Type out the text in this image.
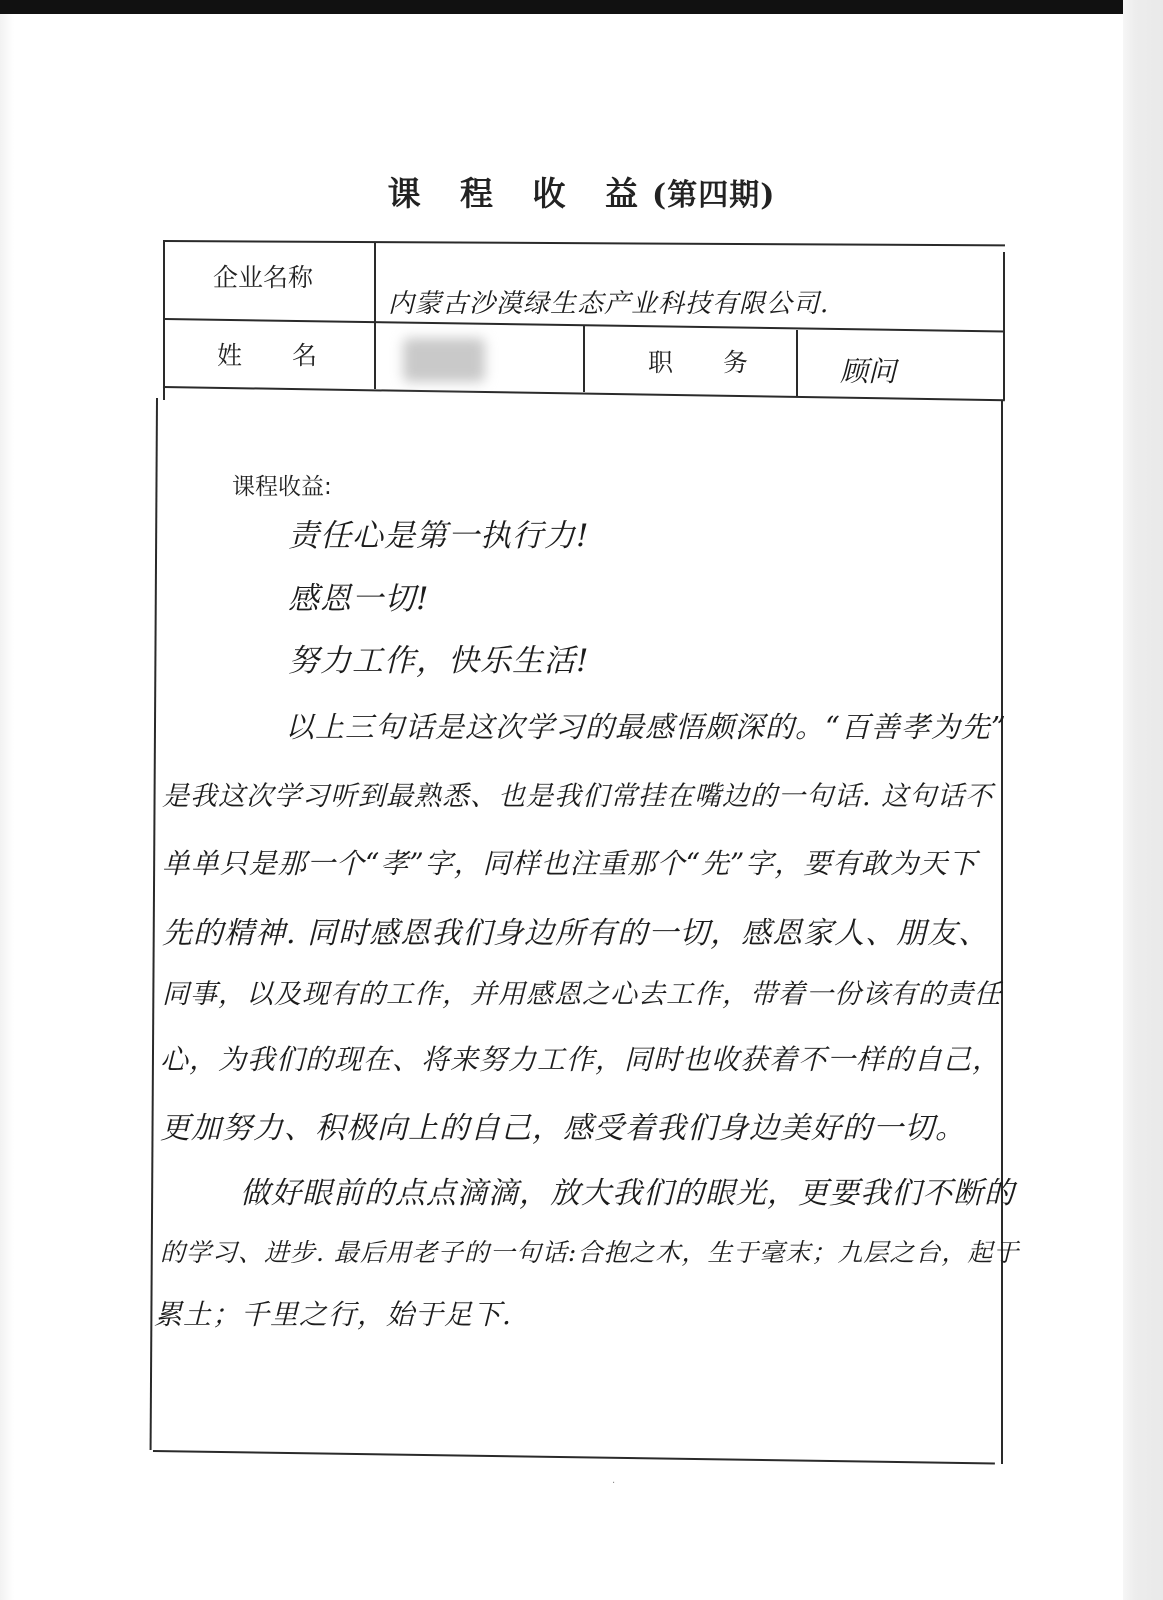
课 程 收 益(第四期)
企业名称
姓　　名	职　　务
内蒙古沙漠绿生态产业科技有限公司.
顾问
课程收益:
责任心是第一执行力!
感恩一切!
努力工作，快乐生活!
以上三句话是这次学习的最感悟颇深的。“百善孝为先”
是我这次学习听到最熟悉、也是我们常挂在嘴边的一句话. 这句话不
单单只是那一个“孝”字，同样也注重那个“先”字，要有敢为天下
先的精神. 同时感恩我们身边所有的一切，感恩家人、朋友、
同事，以及现有的工作，并用感恩之心去工作，带着一份该有的责任
心，为我们的现在、将来努力工作，同时也收获着不一样的自己，
更加努力、积极向上的自己，感受着我们身边美好的一切。
做好眼前的点点滴滴，放大我们的眼光，更要我们不断的
的学习、进步. 最后用老子的一句话:合抱之木，生于毫末；九层之台，起于
累土；千里之行，始于足下.
·
